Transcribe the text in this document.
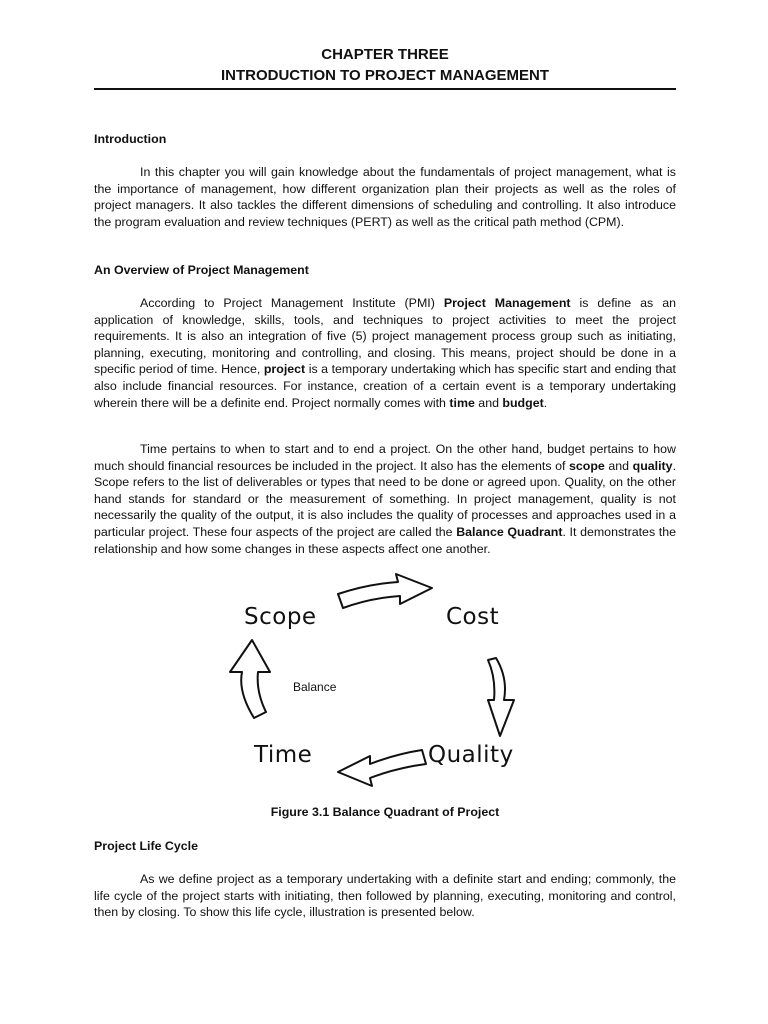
CHAPTER THREE
INTRODUCTION TO PROJECT MANAGEMENT
Introduction
In this chapter you will gain knowledge about the fundamentals of project management, what is the importance of management, how different organization plan their projects as well as the roles of project managers. It also tackles the different dimensions of scheduling and controlling. It also introduce the program evaluation and review techniques (PERT) as well as the critical path method (CPM).
An Overview of Project Management
According to Project Management Institute (PMI) Project Management is define as an application of knowledge, skills, tools, and techniques to project activities to meet the project requirements. It is also an integration of five (5) project management process group such as initiating, planning, executing, monitoring and controlling, and closing. This means, project should be done in a specific period of time. Hence, project is a temporary undertaking which has specific start and ending that also include financial resources. For instance, creation of a certain event is a temporary undertaking wherein there will be a definite end. Project normally comes with time and budget.
Time pertains to when to start and to end a project. On the other hand, budget pertains to how much should financial resources be included in the project. It also has the elements of scope and quality. Scope refers to the list of deliverables or types that need to be done or agreed upon. Quality, on the other hand stands for standard or the measurement of something. In project management, quality is not necessarily the quality of the output, it is also includes the quality of processes and approaches used in a particular project. These four aspects of the project are called the Balance Quadrant. It demonstrates the relationship and how some changes in these aspects affect one another.
Scope	Cost
Balance
Time	Quality
Figure 3.1 Balance Quadrant of Project
Project Life Cycle
As we define project as a temporary undertaking with a definite start and ending; commonly, the life cycle of the project starts with initiating, then followed by planning, executing, monitoring and control, then by closing. To show this life cycle, illustration is presented below.
